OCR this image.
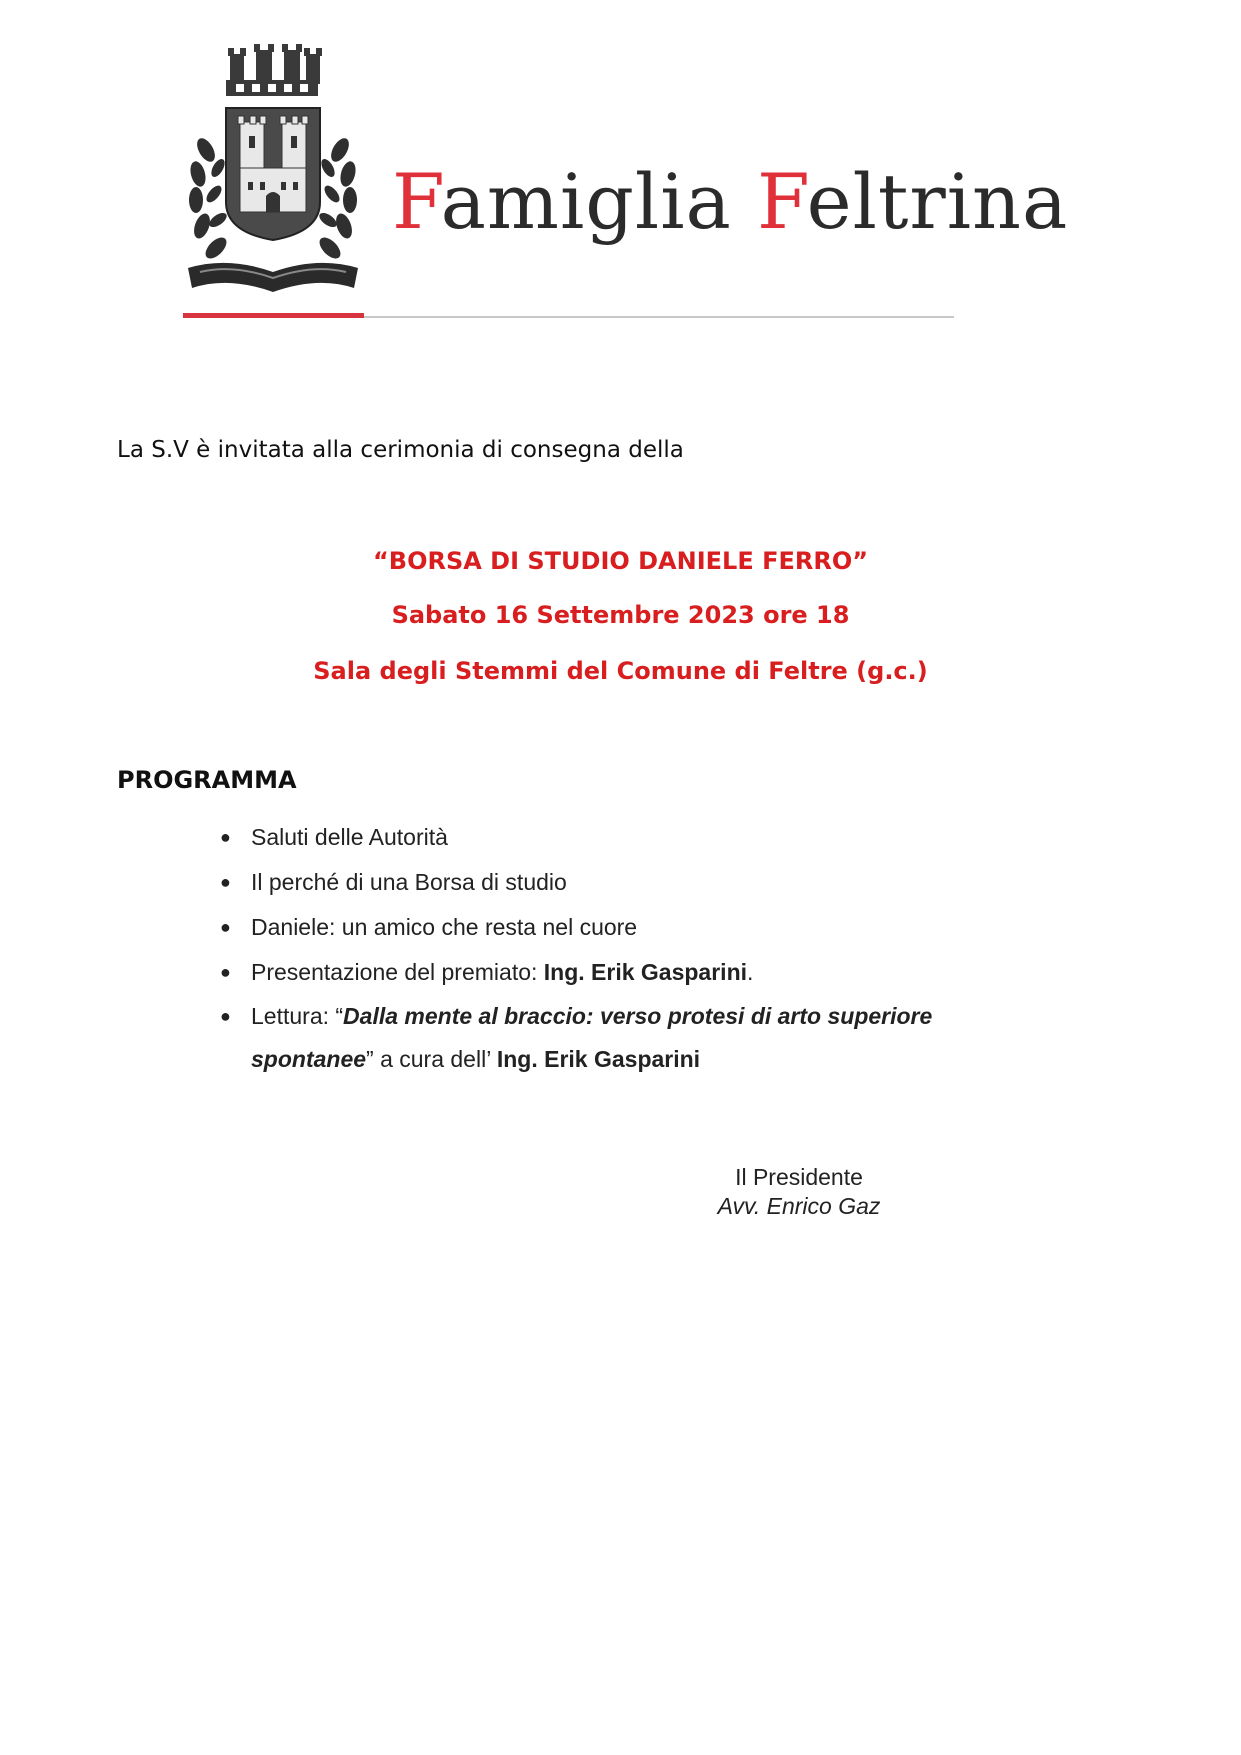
Famiglia Feltrina
La S.V è invitata alla cerimonia di consegna della
“BORSA DI STUDIO DANIELE FERRO”
Sabato 16 Settembre 2023 ore 18
Sala degli Stemmi del Comune di Feltre (g.c.)
PROGRAMMA
● Saluti delle Autorità
● Il perché di una Borsa di studio
● Daniele: un amico che resta nel cuore
● Presentazione del premiato: Ing. Erik Gasparini.
● Lettura: “Dalla mente al braccio: verso protesi di arto superiore spontanee” a cura dell’ Ing. Erik Gasparini
Il Presidente
Avv. Enrico Gaz
